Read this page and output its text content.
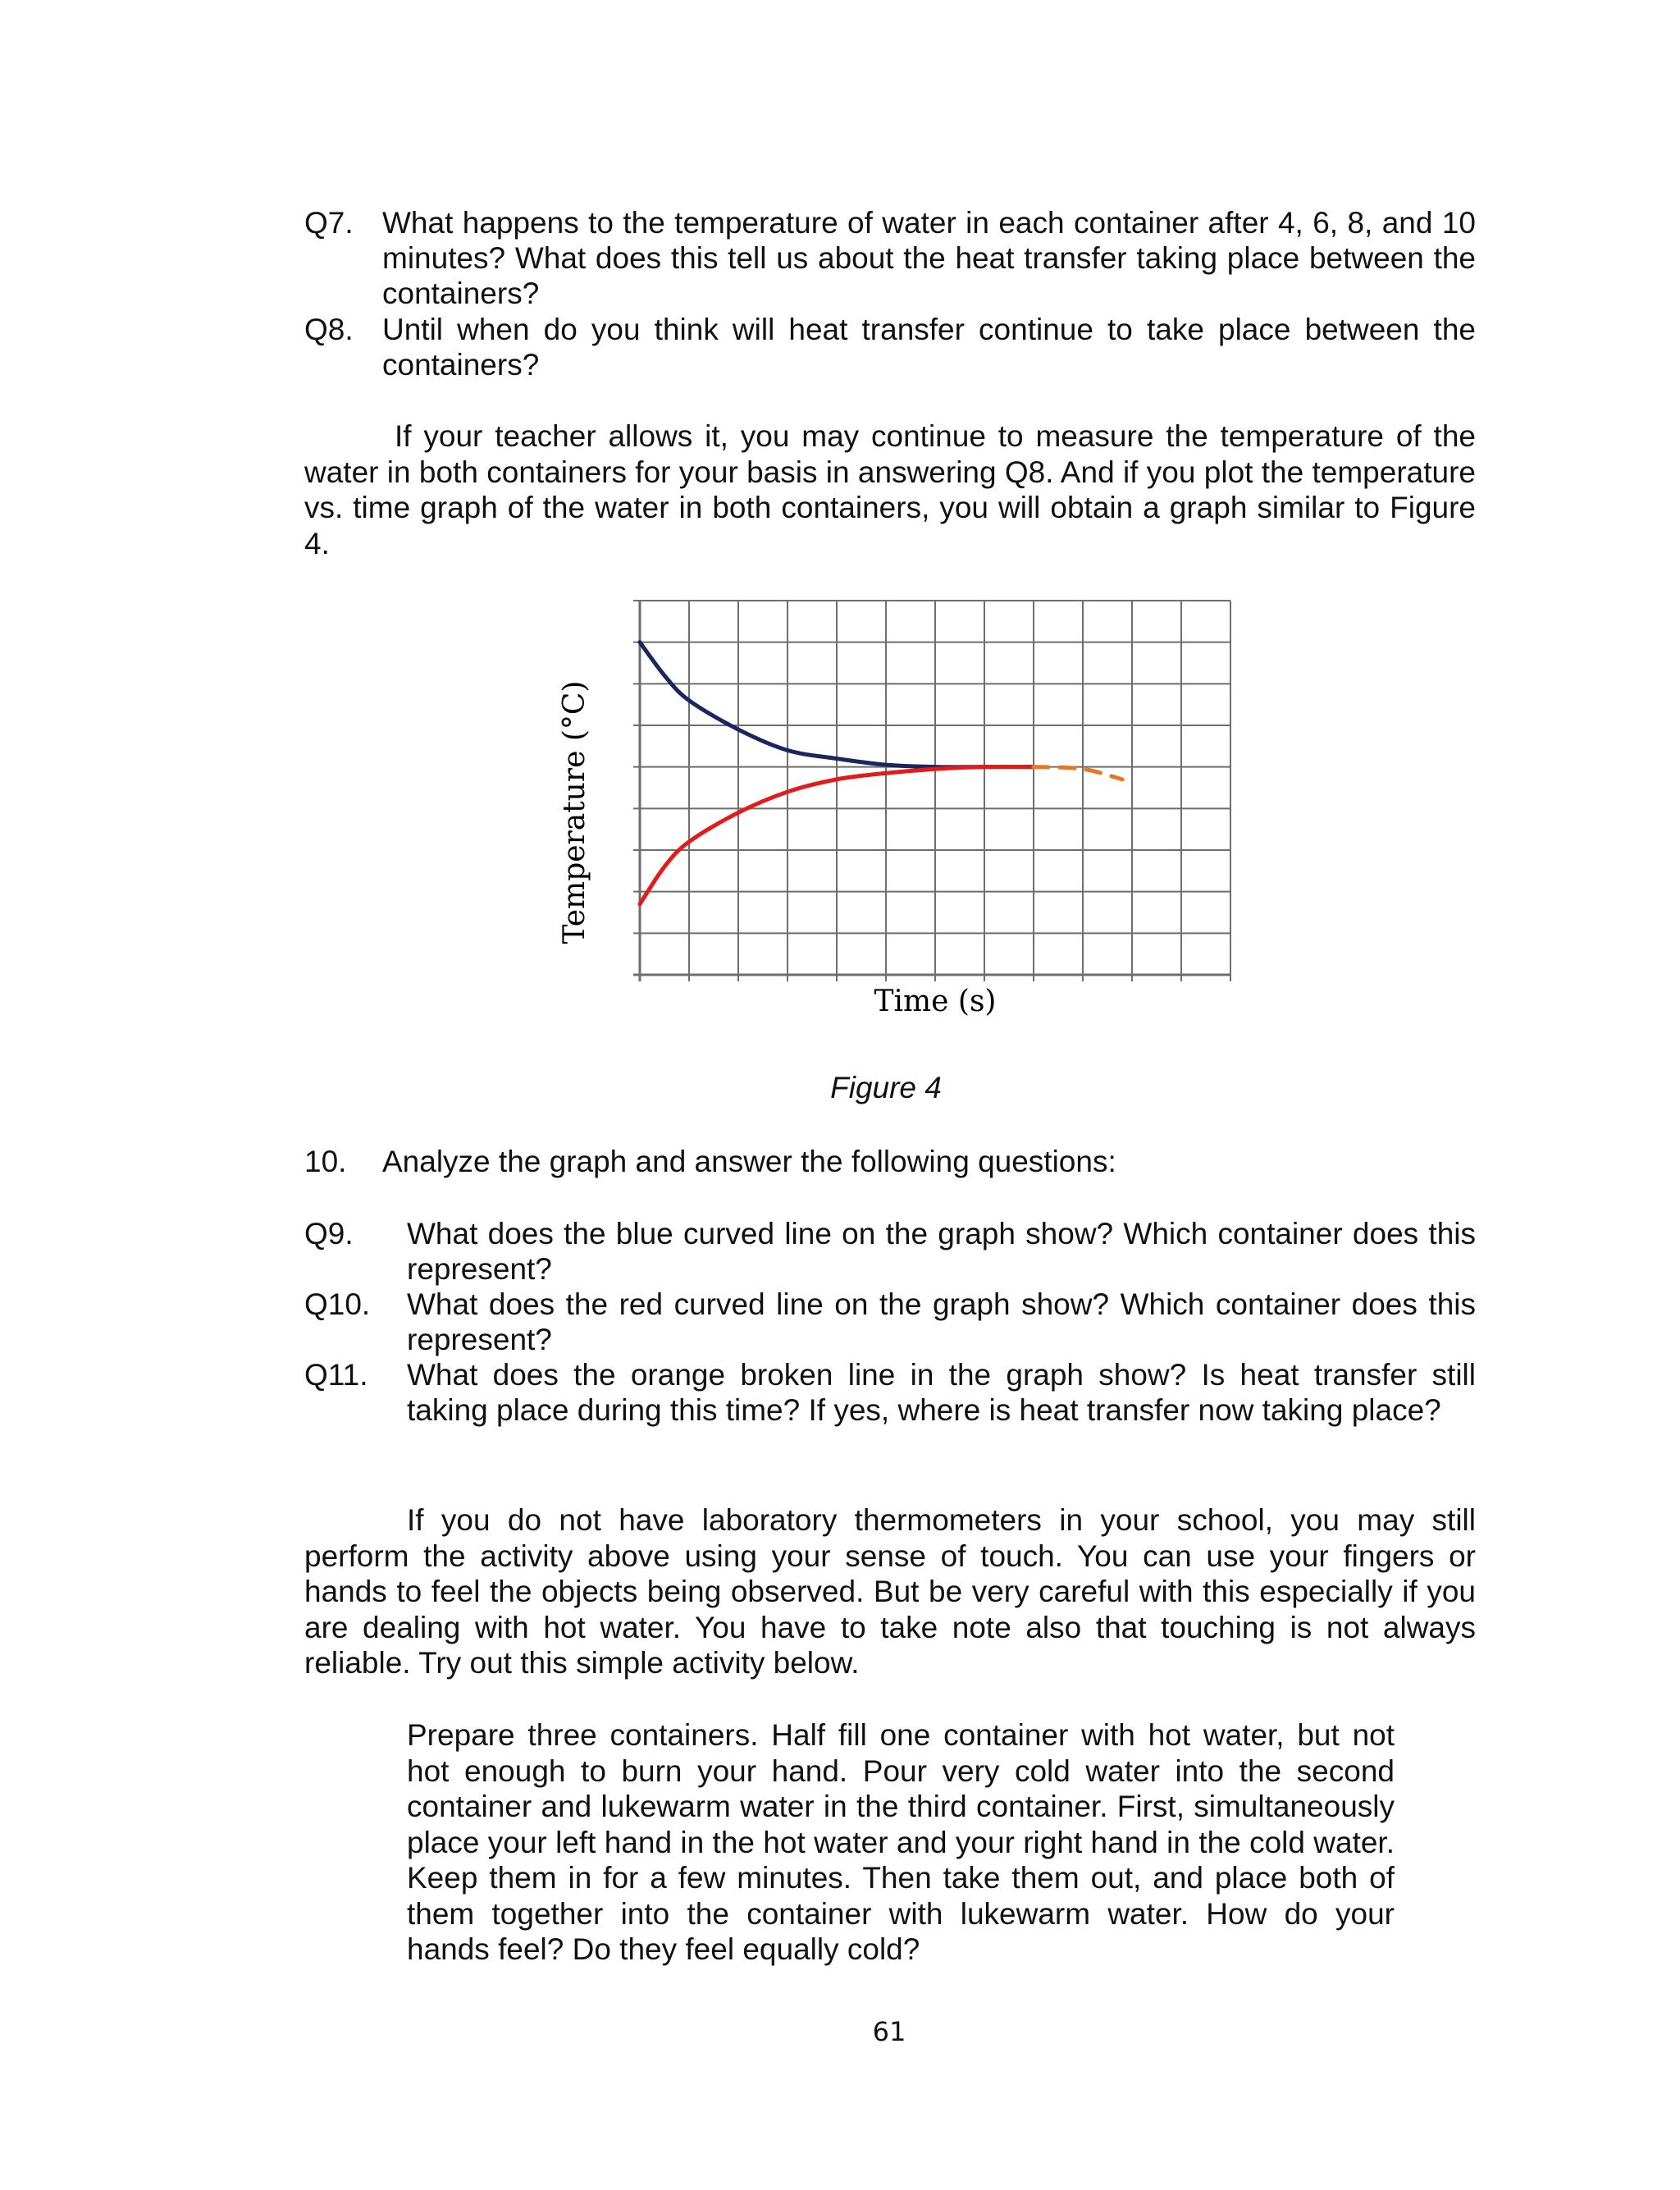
Q7. What happens to the temperature of water in each container after 4, 6, 8, and 10 minutes? What does this tell us about the heat transfer taking place between the containers?
Q8. Until when do you think will heat transfer continue to take place between the containers?
If your teacher allows it, you may continue to measure the temperature of the water in both containers for your basis in answering Q8. And if you plot the temperature vs. time graph of the water in both containers, you will obtain a graph similar to Figure 4.
Time (s)
Temperature (°C)
Figure 4
10. Analyze the graph and answer the following questions:
Q9. What does the blue curved line on the graph show? Which container does this represent?
Q10. What does the red curved line on the graph show? Which container does this represent?
Q11. What does the orange broken line in the graph show? Is heat transfer still taking place during this time? If yes, where is heat transfer now taking place?
If you do not have laboratory thermometers in your school, you may still perform the activity above using your sense of touch. You can use your fingers or hands to feel the objects being observed. But be very careful with this especially if you are dealing with hot water. You have to take note also that touching is not always reliable. Try out this simple activity below.
Prepare three containers. Half fill one container with hot water, but not hot enough to burn your hand. Pour very cold water into the second container and lukewarm water in the third container. First, simultaneously place your left hand in the hot water and your right hand in the cold water. Keep them in for a few minutes. Then take them out, and place both of them together into the container with lukewarm water. How do your hands feel? Do they feel equally cold?
61
